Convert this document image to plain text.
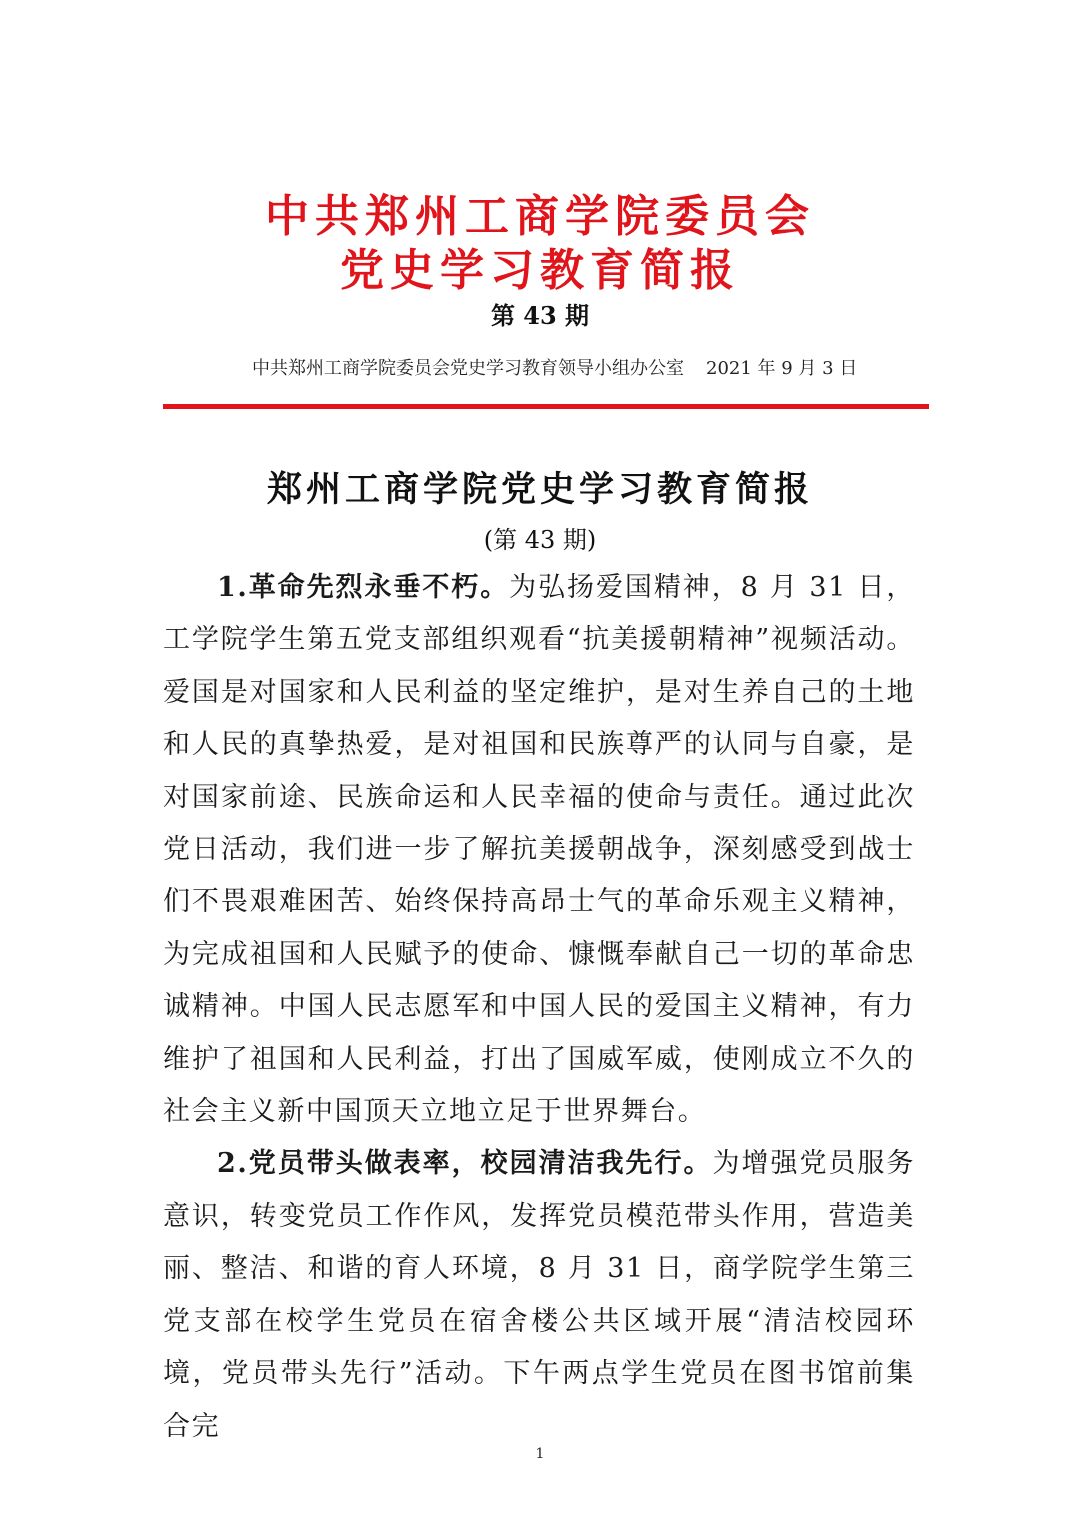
中共郑州工商学院委员会
党史学习教育简报
第 43 期
中共郑州工商学院委员会党史学习教育领导小组办公室 2021 年 9 月 3 日
郑州工商学院党史学习教育简报
(第 43 期)

1.革命先烈永垂不朽。为弘扬爱国精神，8 月 31 日，工学院学生第五党支部组织观看“抗美援朝精神”视频活动。爱国是对国家和人民利益的坚定维护，是对生养自己的土地和人民的真挚热爱，是对祖国和民族尊严的认同与自豪，是对国家前途、民族命运和人民幸福的使命与责任。通过此次党日活动，我们进一步了解抗美援朝战争，深刻感受到战士们不畏艰难困苦、始终保持高昂士气的革命乐观主义精神，为完成祖国和人民赋予的使命、慷慨奉献自己一切的革命忠诚精神。中国人民志愿军和中国人民的爱国主义精神，有力维护了祖国和人民利益，打出了国威军威，使刚成立不久的社会主义新中国顶天立地立足于世界舞台。

2.党员带头做表率，校园清洁我先行。为增强党员服务意识，转变党员工作作风，发挥党员模范带头作用，营造美丽、整洁、和谐的育人环境，8 月 31 日，商学院学生第三党支部在校学生党员在宿舍楼公共区域开展“清洁校园环境，党员带头先行”活动。下午两点学生党员在图书馆前集合完

1
